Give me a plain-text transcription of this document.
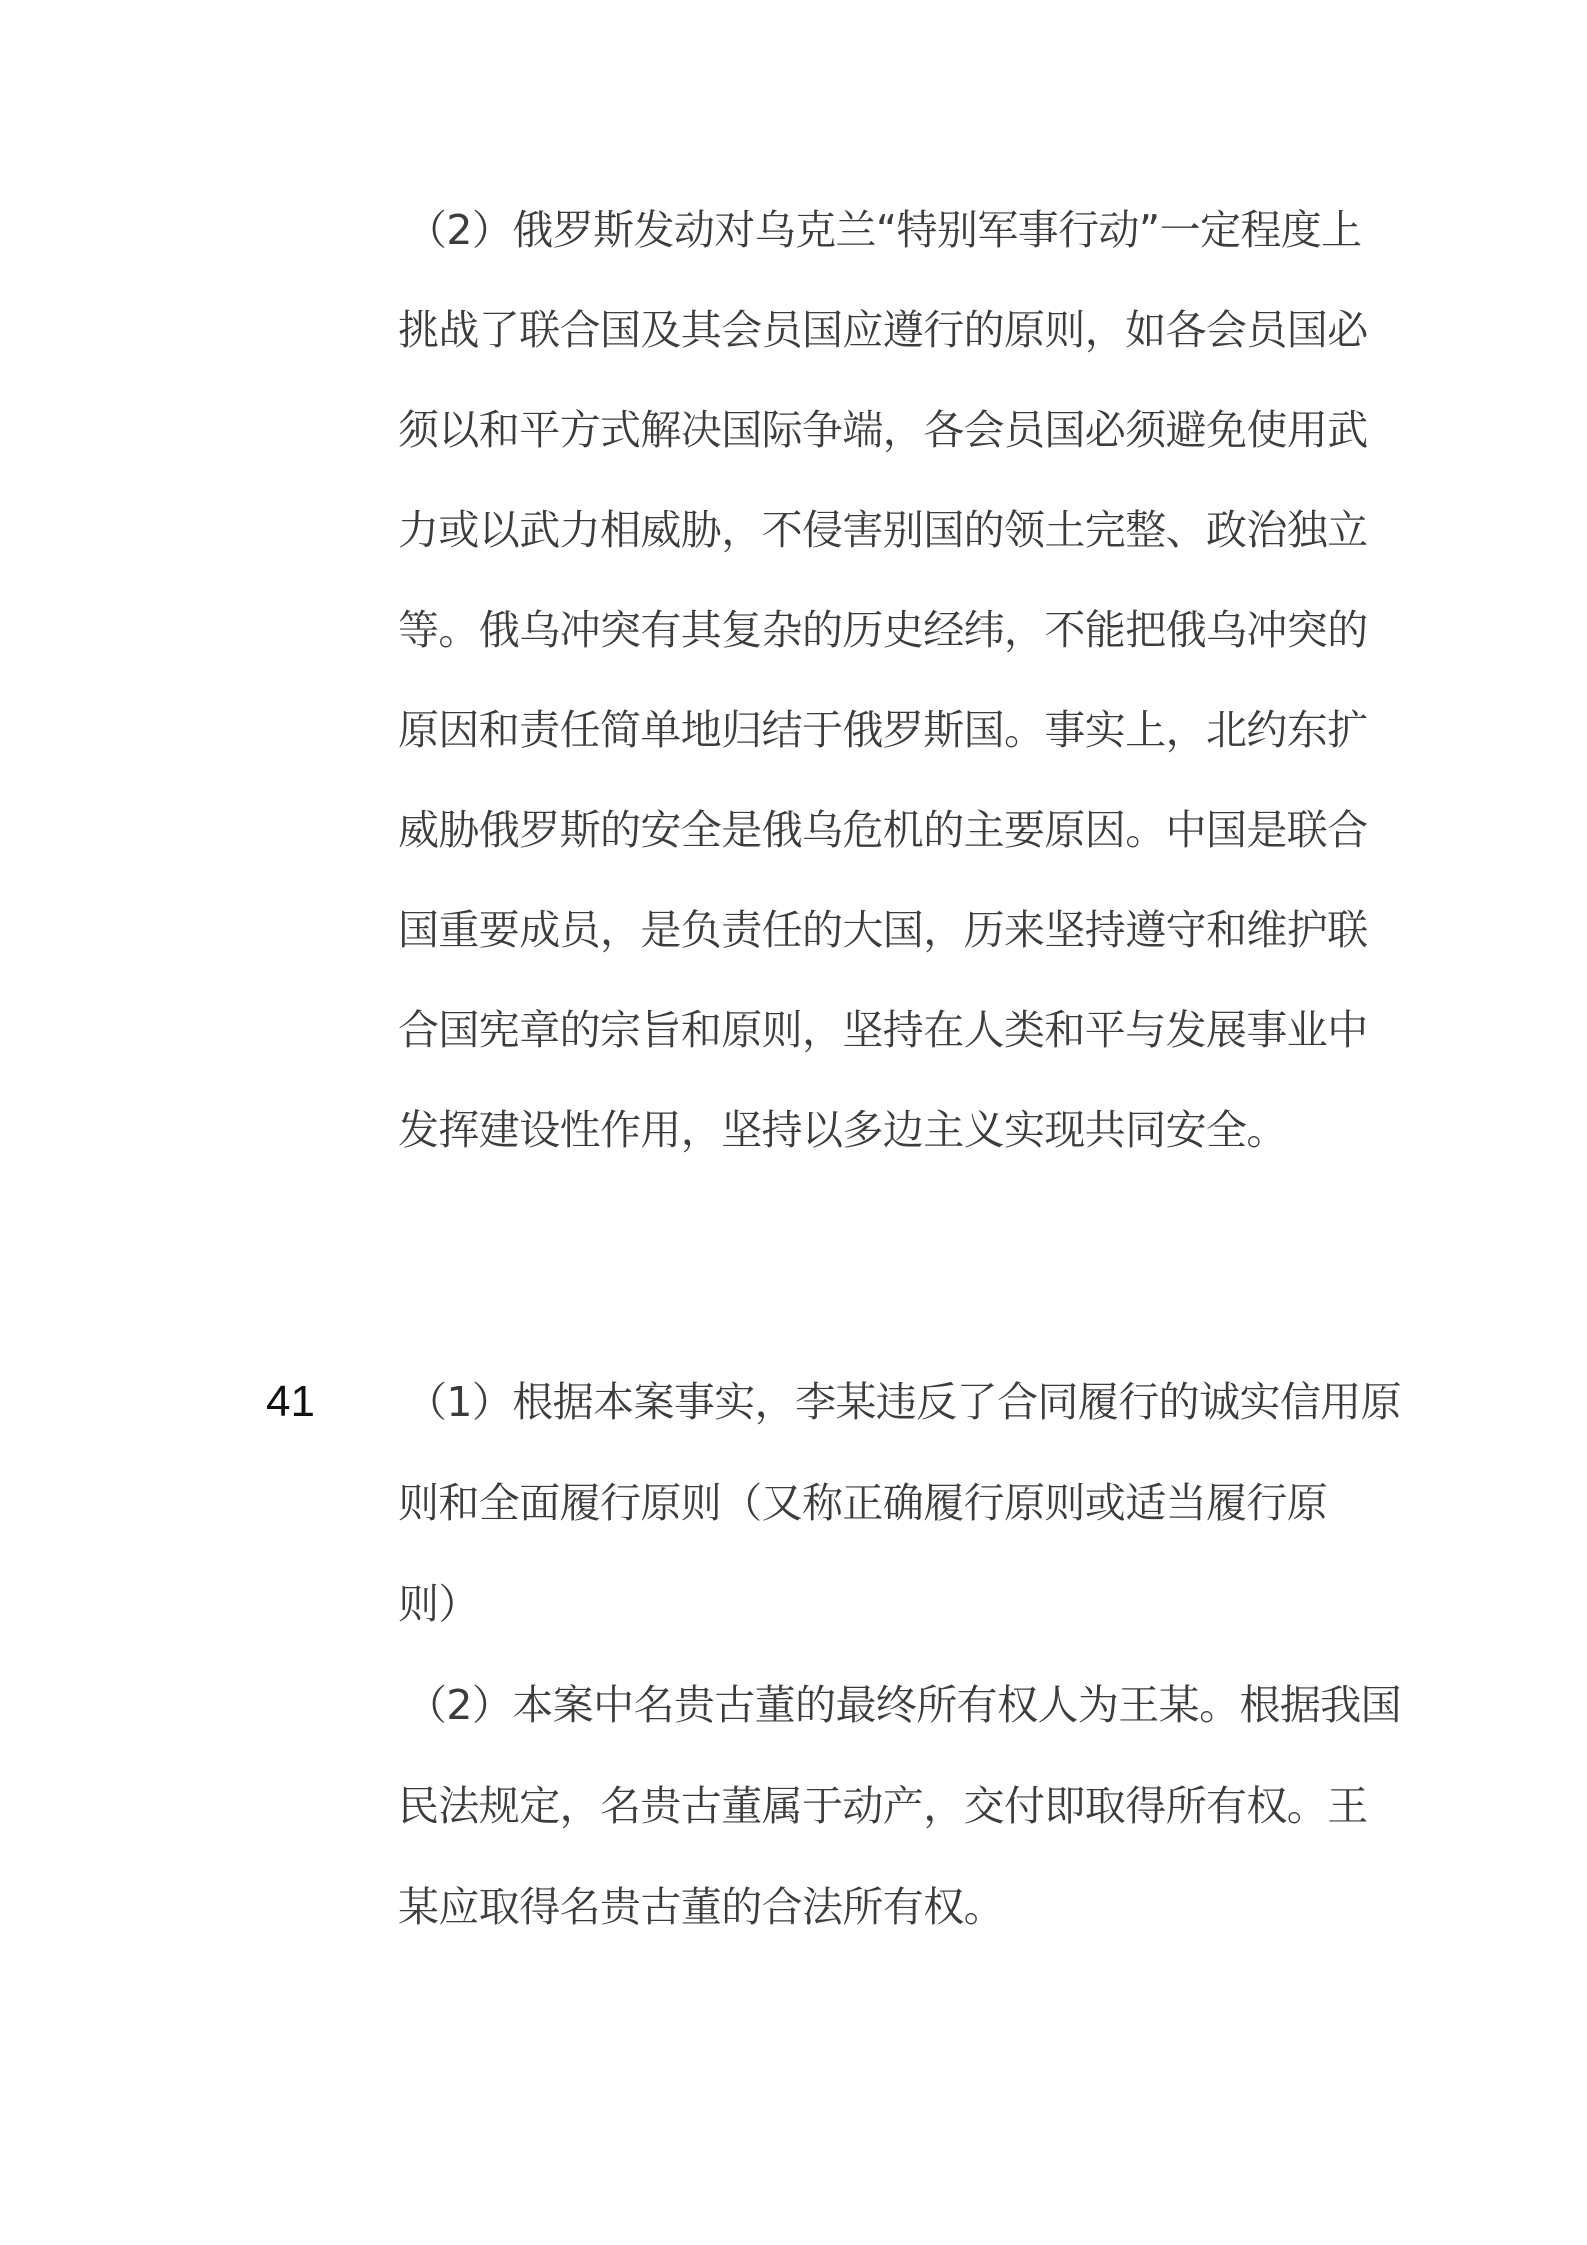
（2）俄罗斯发动对乌克兰“特别军事行动”一定程度上
挑战了联合国及其会员国应遵行的原则，如各会员国必
须以和平方式解决国际争端，各会员国必须避免使用武
力或以武力相威胁，不侵害别国的领土完整、政治独立
等。俄乌冲突有其复杂的历史经纬，不能把俄乌冲突的
原因和责任简单地归结于俄罗斯国。事实上，北约东扩
威胁俄罗斯的安全是俄乌危机的主要原因。中国是联合
国重要成员，是负责任的大国，历来坚持遵守和维护联
合国宪章的宗旨和原则，坚持在人类和平与发展事业中
发挥建设性作用，坚持以多边主义实现共同安全。
41 （1）根据本案事实，李某违反了合同履行的诚实信用原
则和全面履行原则（又称正确履行原则或适当履行原
则）
（2）本案中名贵古董的最终所有权人为王某。根据我国
民法规定，名贵古董属于动产，交付即取得所有权。王
某应取得名贵古董的合法所有权。
